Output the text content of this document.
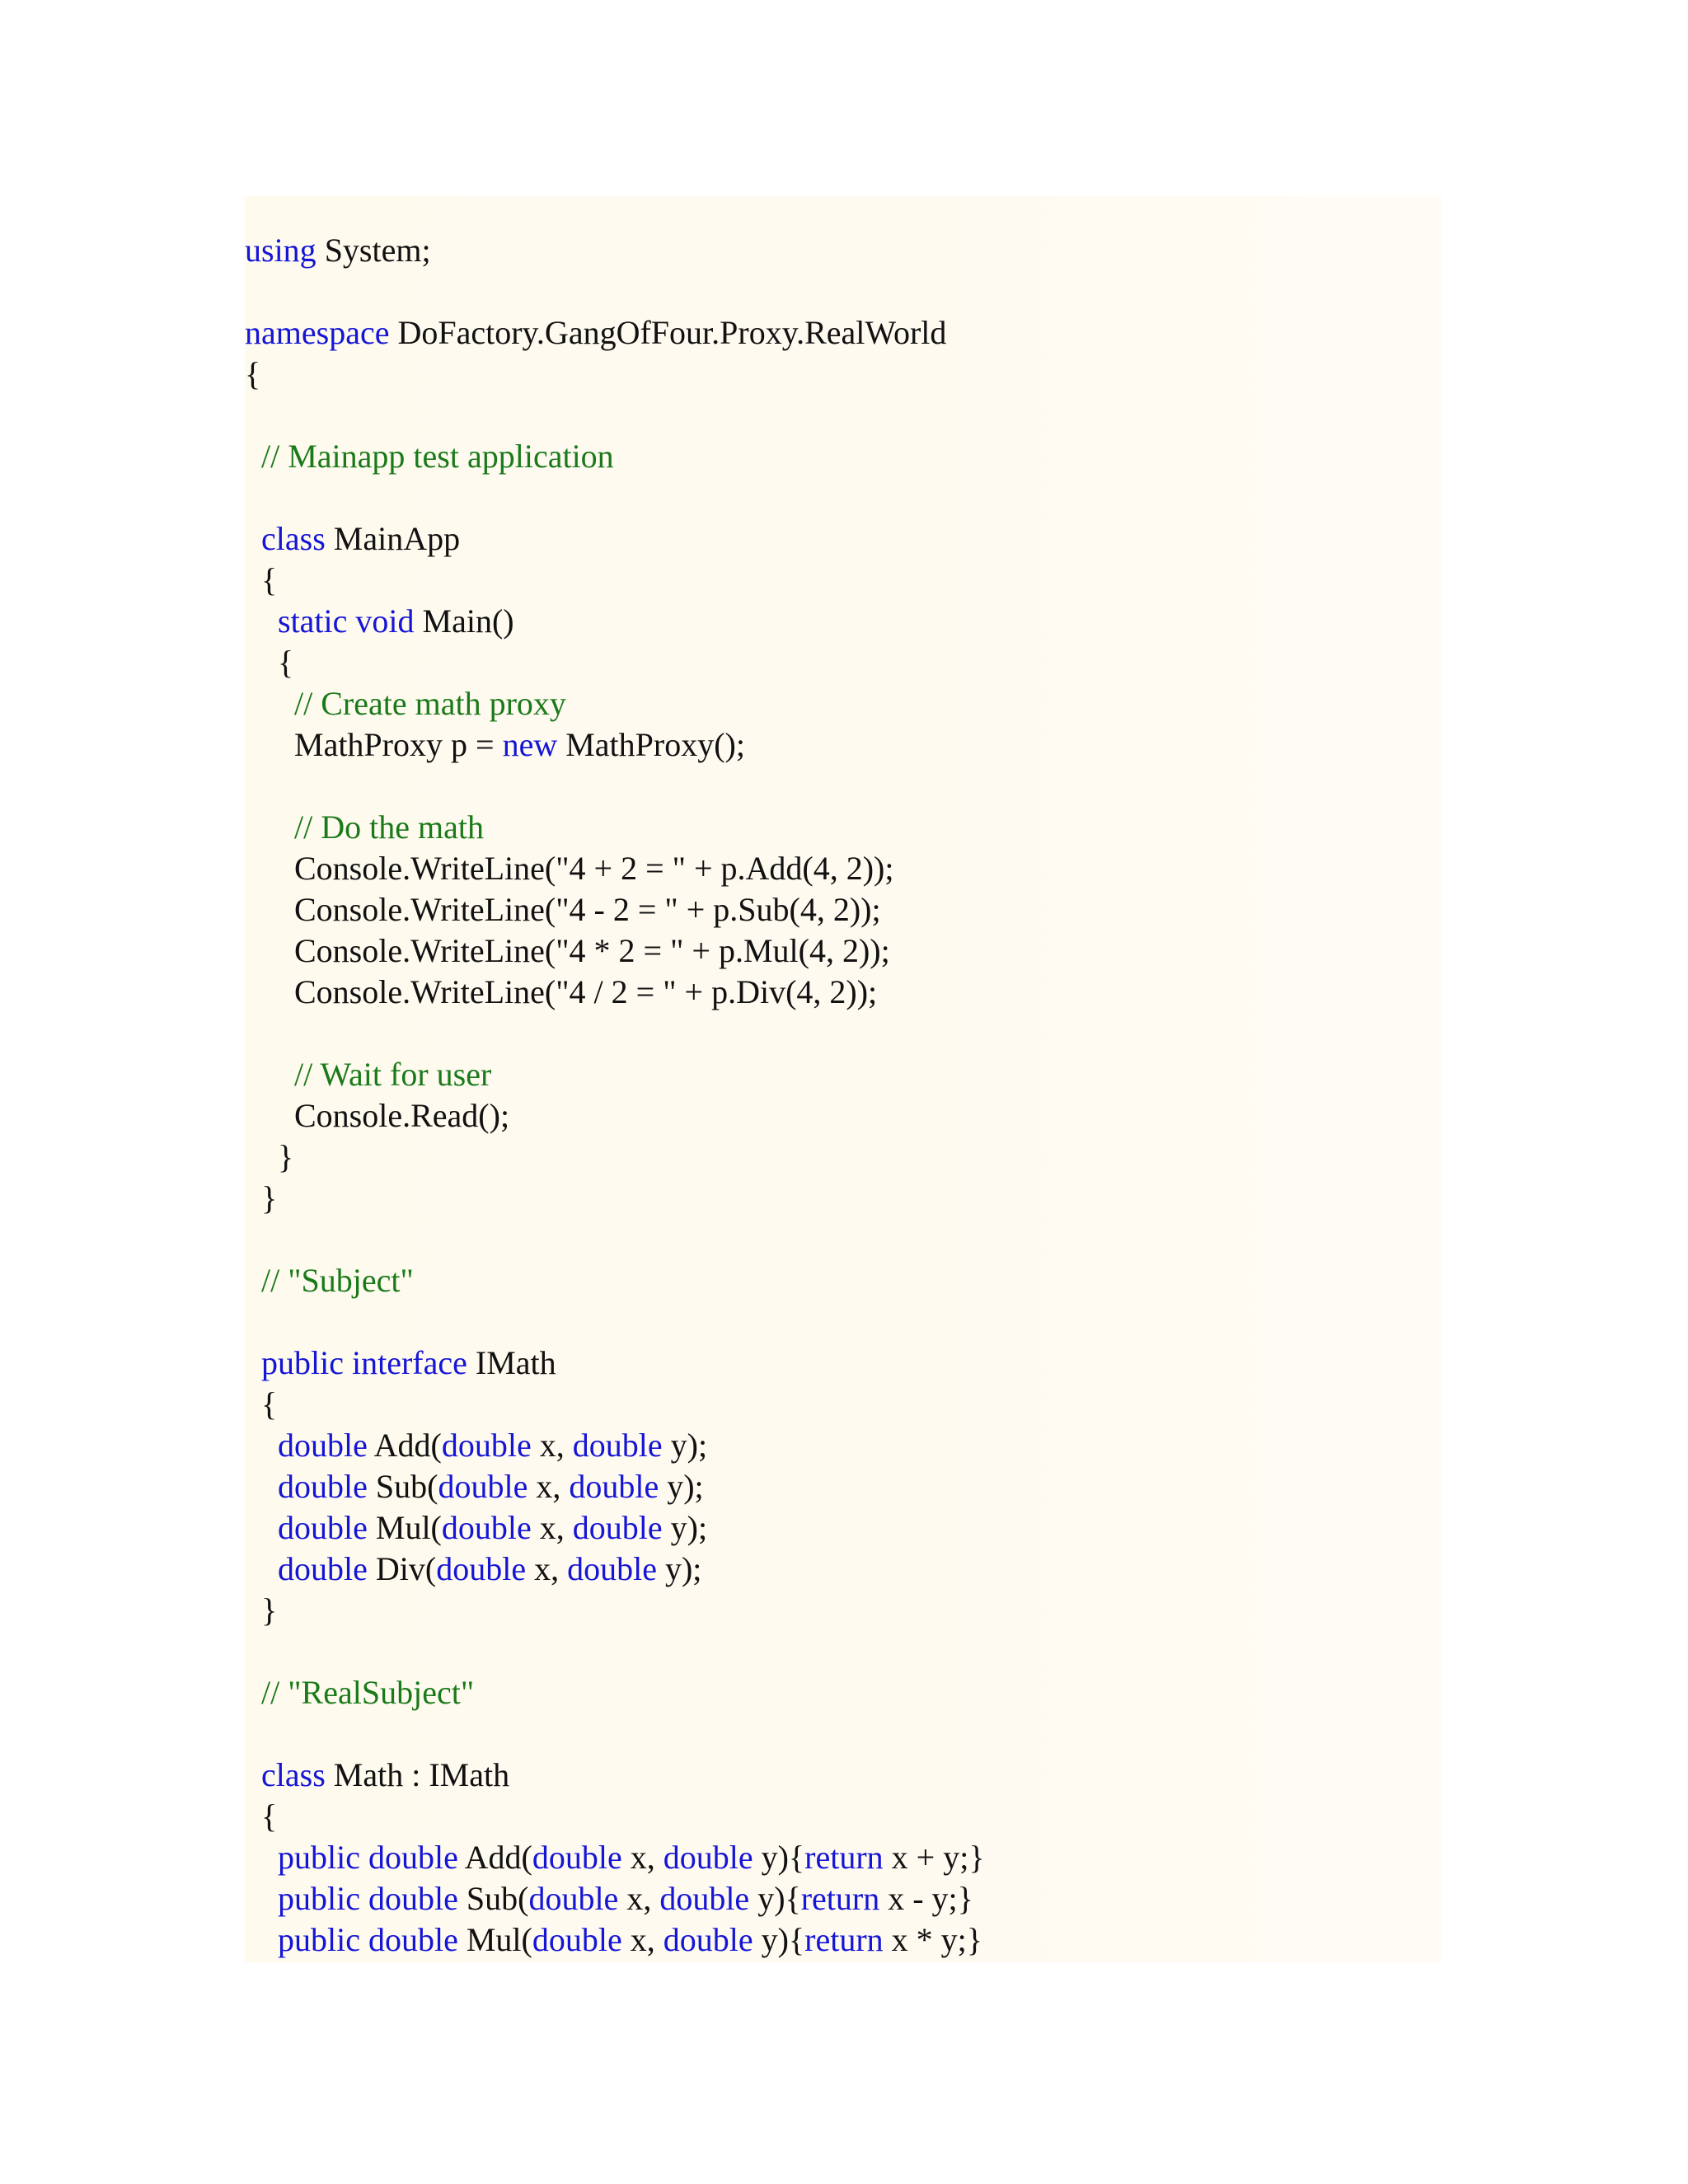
using System;
namespace DoFactory.GangOfFour.Proxy.RealWorld
{
// Mainapp test application
class MainApp
{
static void Main()
{
// Create math proxy
MathProxy p = new MathProxy();
// Do the math
Console.WriteLine("4 + 2 = " + p.Add(4, 2));
Console.WriteLine("4 - 2 = " + p.Sub(4, 2));
Console.WriteLine("4 * 2 = " + p.Mul(4, 2));
Console.WriteLine("4 / 2 = " + p.Div(4, 2));
// Wait for user
Console.Read();
}
}
// "Subject"
public interface IMath
{
double Add(double x, double y);
double Sub(double x, double y);
double Mul(double x, double y);
double Div(double x, double y);
}
// "RealSubject"
class Math : IMath
{
public double Add(double x, double y){return x + y;}
public double Sub(double x, double y){return x - y;}
public double Mul(double x, double y){return x * y;}
